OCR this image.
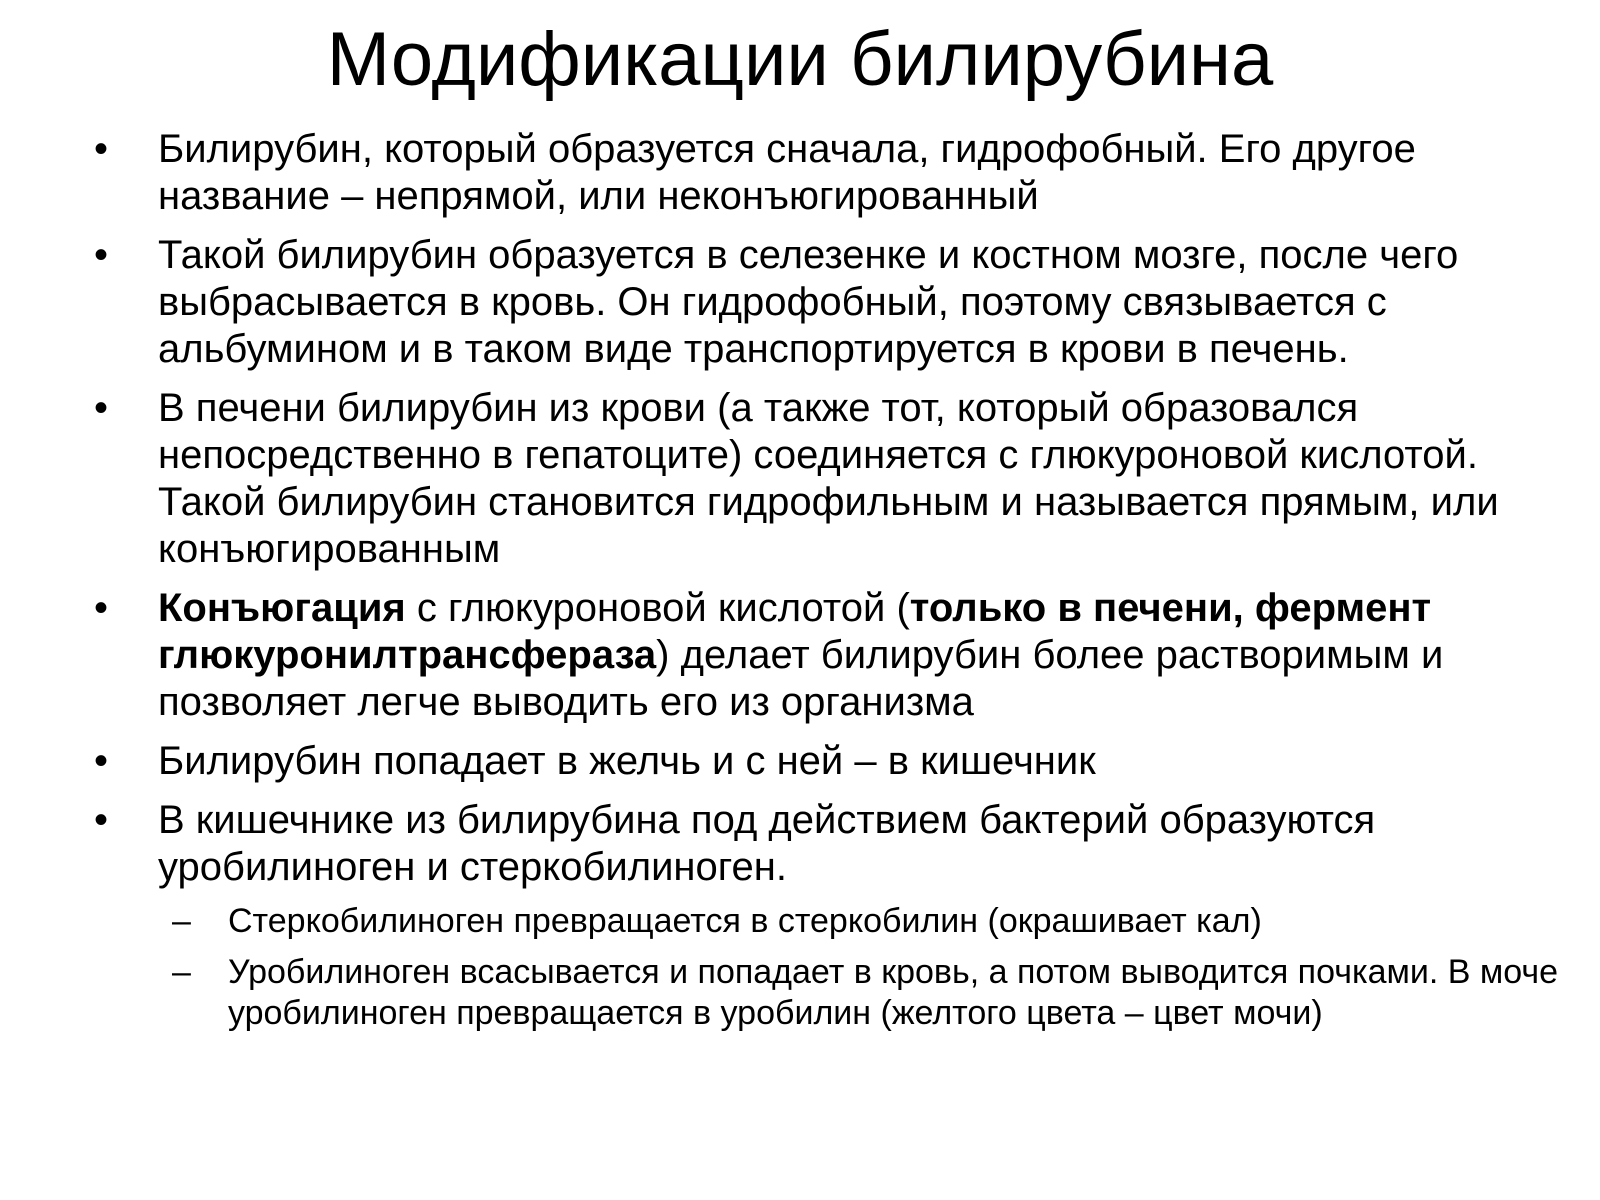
Модификации билирубина
•	Билирубин, который образуется сначала, гидрофобный. Его другое название – непрямой, или неконъюгированный
•	Такой билирубин образуется в селезенке и костном мозге, после чего выбрасывается в кровь. Он гидрофобный, поэтому связывается с альбумином и в таком виде транспортируется в крови в печень.
•	В печени билирубин из крови (а также тот, который образовался непосредственно в гепатоците) соединяется с глюкуроновой кислотой. Такой билирубин становится гидрофильным и называется прямым, или конъюгированным
•	Конъюгация с глюкуроновой кислотой (только в печени, фермент глюкуронилтрансфераза) делает билирубин более растворимым и позволяет легче выводить его из организма
•	Билирубин попадает в желчь и с ней – в кишечник
•	В кишечнике из билирубина под действием бактерий образуются уробилиноген и стеркобилиноген.
–	Стеркобилиноген превращается в стеркобилин (окрашивает кал)
–	Уробилиноген всасывается и попадает в кровь, а потом выводится почками. В моче уробилиноген превращается в уробилин (желтого цвета – цвет мочи)
